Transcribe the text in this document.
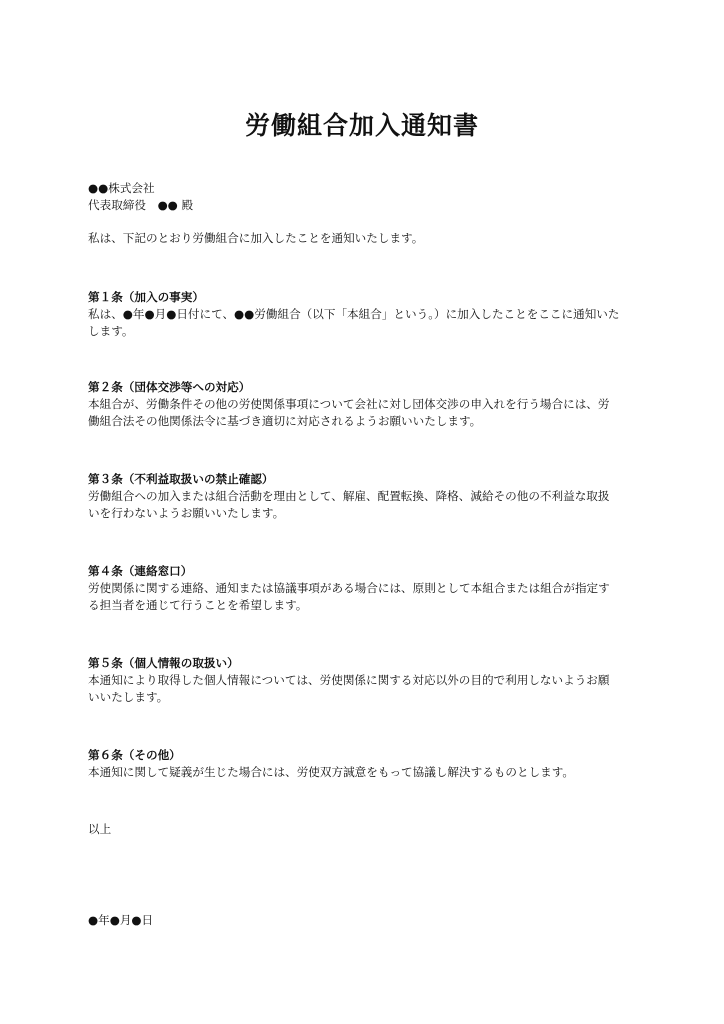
労働組合加入通知書
●●株式会社
代表取締役　●● 殿
私は、下記のとおり労働組合に加入したことを通知いたします。
第１条（加入の事実）
私は、●年●月●日付にて、●●労働組合（以下「本組合」という。）に加入したことをここに通知いた
します。
第２条（団体交渉等への対応）
本組合が、労働条件その他の労使関係事項について会社に対し団体交渉の申入れを行う場合には、労
働組合法その他関係法令に基づき適切に対応されるようお願いいたします。
第３条（不利益取扱いの禁止確認）
労働組合への加入または組合活動を理由として、解雇、配置転換、降格、減給その他の不利益な取扱
いを行わないようお願いいたします。
第４条（連絡窓口）
労使関係に関する連絡、通知または協議事項がある場合には、原則として本組合または組合が指定す
る担当者を通じて行うことを希望します。
第５条（個人情報の取扱い）
本通知により取得した個人情報については、労使関係に関する対応以外の目的で利用しないようお願
いいたします。
第６条（その他）
本通知に関して疑義が生じた場合には、労使双方誠意をもって協議し解決するものとします。
以上
●年●月●日
